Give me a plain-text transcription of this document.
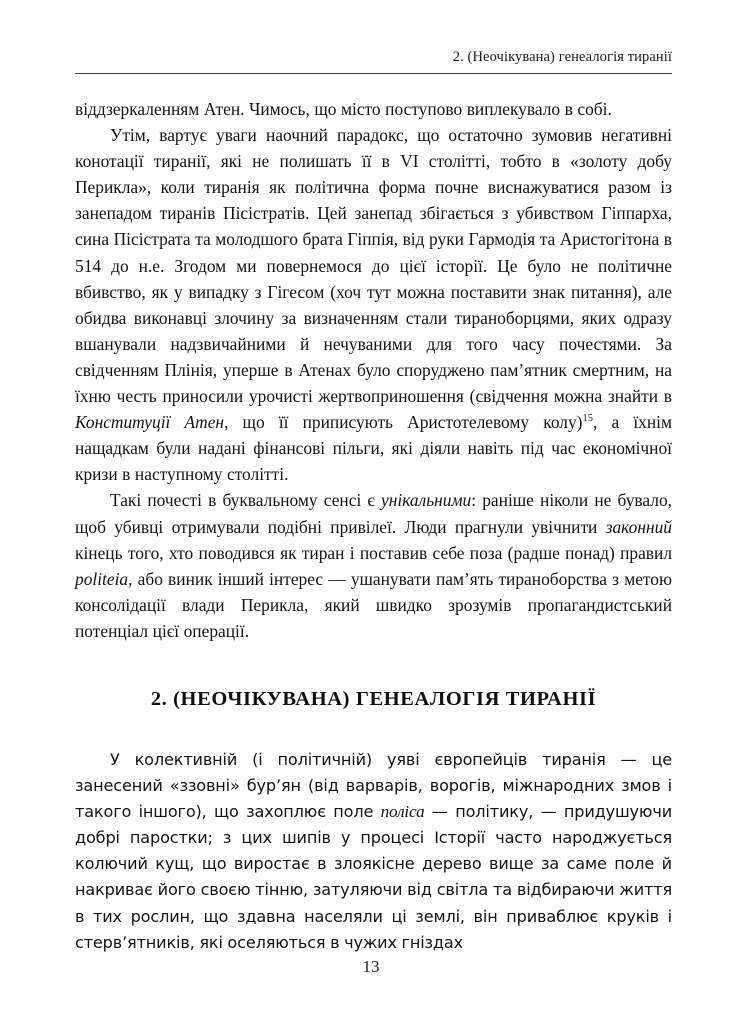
2. (Неочікувана) генеалогія тиранії

віддзеркаленням Атен. Чимось, що місто поступово виплекувало в собі.

Утім, вартує уваги наочний парадокс, що остаточно зумовив негативні конотації тиранії, які не полишать її в VI столітті, тобто в «золоту добу Перикла», коли тиранія як політична форма почне виснажуватися разом із занепадом тиранів Пісістратів. Цей занепад збігається з убивством Гіппарха, сина Пісістрата та молодшого брата Гіппія, від руки Гармодія та Аристогітона в 514 до н.е. Згодом ми повернемося до цієї історії. Це було не політичне вбивство, як у випадку з Гігесом (хоч тут можна поставити знак питання), але обидва виконавці злочину за визначенням стали тираноборцями, яких одразу вшанували надзвичайними й нечуваними для того часу почестями. За свідченням Плінія, уперше в Атенах було споруджено пам’ятник смертним, на їхню честь приносили урочисті жертвоприношення (свідчення можна знайти в Конституції Атен, що її приписують Аристотелевому колу)$^{15}$, а їхнім нащадкам були надані фінансові пільги, які діяли навіть під час економічної кризи в наступному столітті.

Такі почесті в буквальному сенсі є унікальними: раніше ніколи не бувало, щоб убивці отримували подібні привілеї. Люди прагнули увічнити законний кінець того, хто поводився як тиран і поставив себе поза (радше понад) правил politeia, або виник інший інтерес — ушанувати пам’ять тираноборства з метою консолідації влади Перикла, який швидко зрозумів пропагандистський потенціал цієї операції.

2. (НЕОЧІКУВАНА) ГЕНЕАЛОГІЯ ТИРАНІЇ

У колективній (і політичній) уяві європейців тиранія — це занесений «ззовні» бур’ян (від варварів, ворогів, міжнародних змов і такого іншого), що захоплює поле поліса — політику, — придушуючи добрі паростки; з цих шипів у процесі Історії часто народжується колючий кущ, що виростає в злоякісне дерево вище за саме поле й накриває його своєю тінню, затуляючи від світла та відбираючи життя в тих рослин, що здавна населяли ці землі, він приваблює круків і стерв’ятників, які оселяються в чужих гніздах

13
